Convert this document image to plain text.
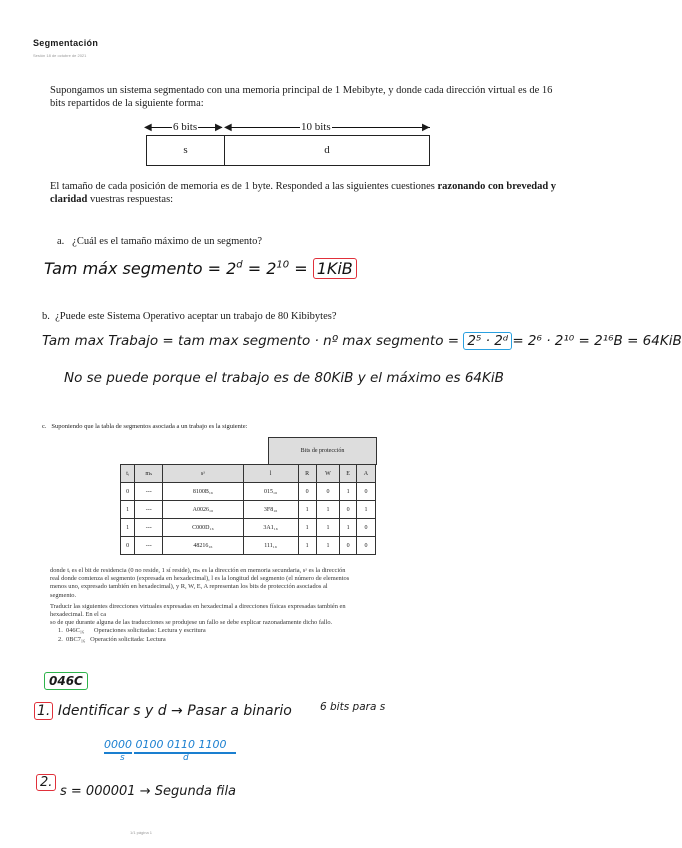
Segmentación
Sesión 18 de octubre de 2021
Supongamos un sistema segmentado con una memoria principal de 1 Mebibyte, y donde cada dirección virtual es de 16
bits repartidos de la siguiente forma:
◀	▶
6 bits	◀	▶
10 bits
s	d
El tamaño de cada posición de memoria es de 1 byte. Responded a las siguientes cuestiones razonando con brevedad y
claridad vuestras respuestas:
a. ¿Cuál es el tamaño máximo de un segmento?
Tam máx segmento = $2^d = 2^{10} = 1KiB$
b. ¿Puede este Sistema Operativo aceptar un trabajo de 80 Kibibytes?
Tam max Trabajo = tam max segmento · nº max segmento = 2⁵ · 2ᵈ = 2⁶ · 2¹⁰ = 2¹⁶B = 64KiB
No se puede porque el trabajo es de 80KiB y el máximo es 64KiB
c. Suponiendo que la tabla de segmentos asociada a un trabajo es la siguiente:
Bits de protección
tᵢ	mₛ	sᵃ	l	R	W	E	A
0	---	8100B₁₆	015₁₆	0	0	1	0
1	---	A0026₁₆	3F8₁₆	1	1	0	1
1	---	C000D₁₆	3A1₁₆	1	1	1	0
0	---	48216₁₆	111₁₆	1	1	0	0
donde tᵢ es el bit de residencia (0 no reside, 1 sí reside), mₛ es la dirección en memoria secundaria, sᵃ es la dirección
real donde comienza el segmento (expresada en hexadecimal), l es la longitud del segmento (el número de elementos
menos uno, expresado también en hexadecimal), y R, W, E, A representan los bits de protección asociados al
segmento.
Traducir las siguientes direcciones virtuales expresadas en hexadecimal a direcciones físicas expresadas también en
hexadecimal. En el ca
so de que durante alguna de las traducciones se produjese un fallo se debe explicar razonadamente dicho fallo.
1. 046C₁₆ Operaciones solicitadas: Lectura y escritura
2. 0BC7₁₆ Operación solicitada: Lectura
046C
1. Identificar s y d → Pasar a binario	6 bits para s
0000 0100 0110 1100
s	d
2.
s = 000001 → Segunda fila
1/1 página 1
